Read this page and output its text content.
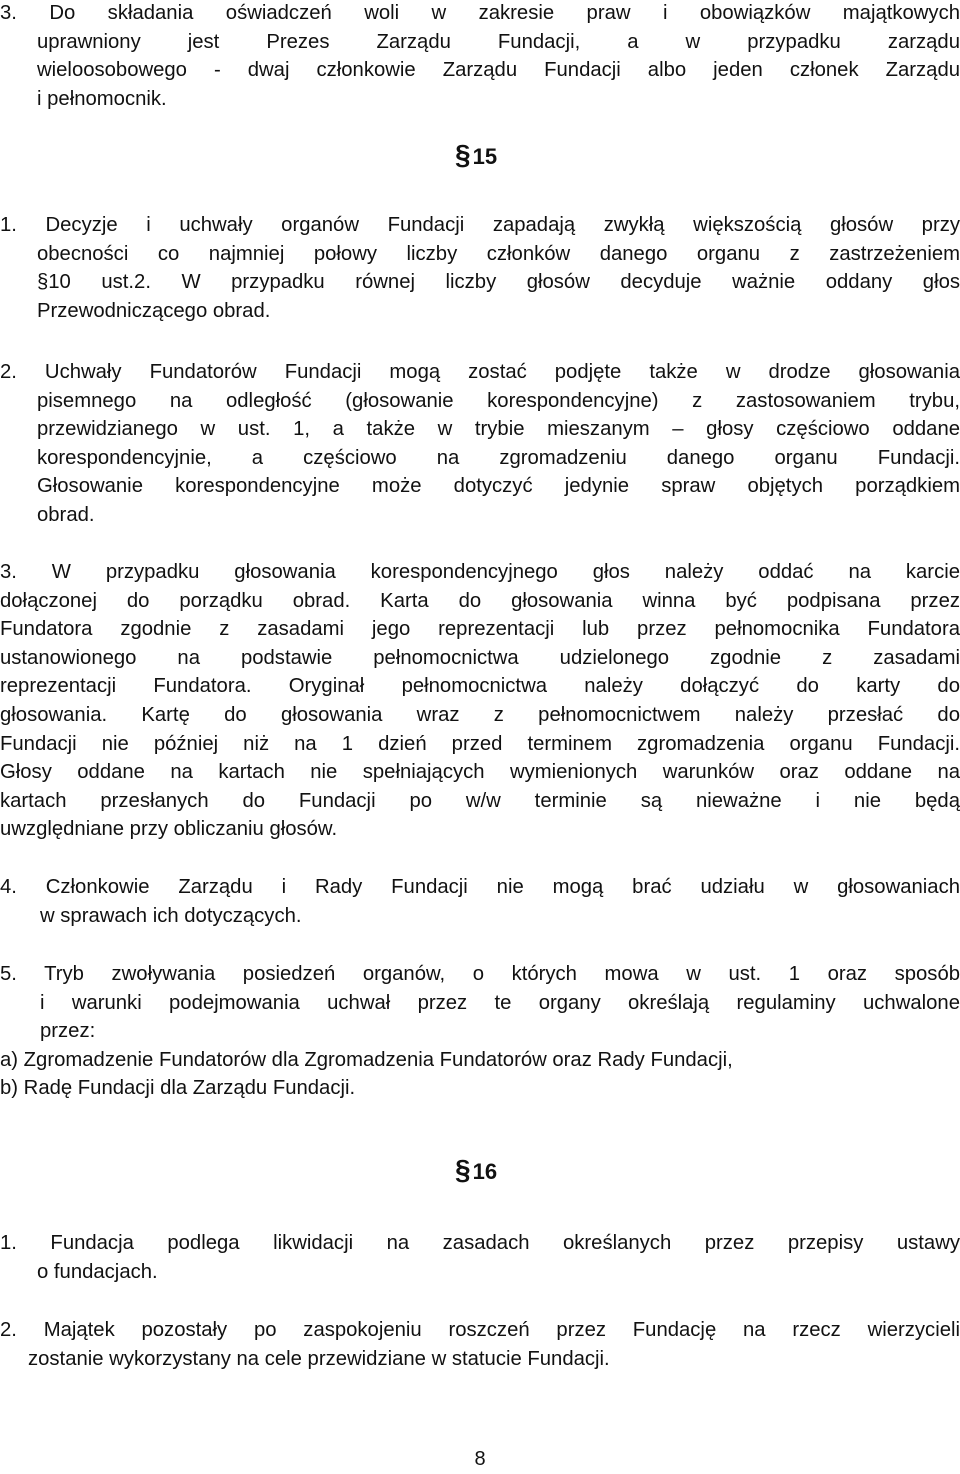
3. Do składania oświadczeń woli w zakresie praw i obowiązków majątkowych
uprawniony jest Prezes Zarządu Fundacji, a w przypadku zarządu
wieloosobowego - dwaj członkowie Zarządu Fundacji albo jeden członek Zarządu
i pełnomocnik.
§15
1. Decyzje i uchwały organów Fundacji zapadają zwykłą większością głosów przy
obecności co najmniej połowy liczby członków danego organu z zastrzeżeniem
§10 ust.2. W przypadku równej liczby głosów decyduje ważnie oddany głos
Przewodniczącego obrad.
2. Uchwały Fundatorów Fundacji mogą zostać podjęte także w drodze głosowania
pisemnego na odległość (głosowanie korespondencyjne) z zastosowaniem trybu,
przewidzianego w ust. 1, a także w trybie mieszanym – głosy częściowo oddane
korespondencyjnie, a częściowo na zgromadzeniu danego organu Fundacji.
Głosowanie korespondencyjne może dotyczyć jedynie spraw objętych porządkiem
obrad.
3. W przypadku głosowania korespondencyjnego głos należy oddać na karcie
dołączonej do porządku obrad. Karta do głosowania winna być podpisana przez
Fundatora zgodnie z zasadami jego reprezentacji lub przez pełnomocnika Fundatora
ustanowionego na podstawie pełnomocnictwa udzielonego zgodnie z zasadami
reprezentacji Fundatora. Oryginał pełnomocnictwa należy dołączyć do karty do
głosowania. Kartę do głosowania wraz z pełnomocnictwem należy przesłać do
Fundacji nie później niż na 1 dzień przed terminem zgromadzenia organu Fundacji.
Głosy oddane na kartach nie spełniających wymienionych warunków oraz oddane na
kartach przesłanych do Fundacji po w/w terminie są nieważne i nie będą
uwzględniane przy obliczaniu głosów.
4. Członkowie Zarządu i Rady Fundacji nie mogą brać udziału w głosowaniach
w sprawach ich dotyczących.
5. Tryb zwoływania posiedzeń organów, o których mowa w ust. 1 oraz sposób
i warunki podejmowania uchwał przez te organy określają regulaminy uchwalone
przez:
a) Zgromadzenie Fundatorów dla Zgromadzenia Fundatorów oraz Rady Fundacji,
b) Radę Fundacji dla Zarządu Fundacji.
§16
1. Fundacja podlega likwidacji na zasadach określanych przez przepisy ustawy
o fundacjach.
2. Majątek pozostały po zaspokojeniu roszczeń przez Fundację na rzecz wierzycieli
zostanie wykorzystany na cele przewidziane w statucie Fundacji.
8
